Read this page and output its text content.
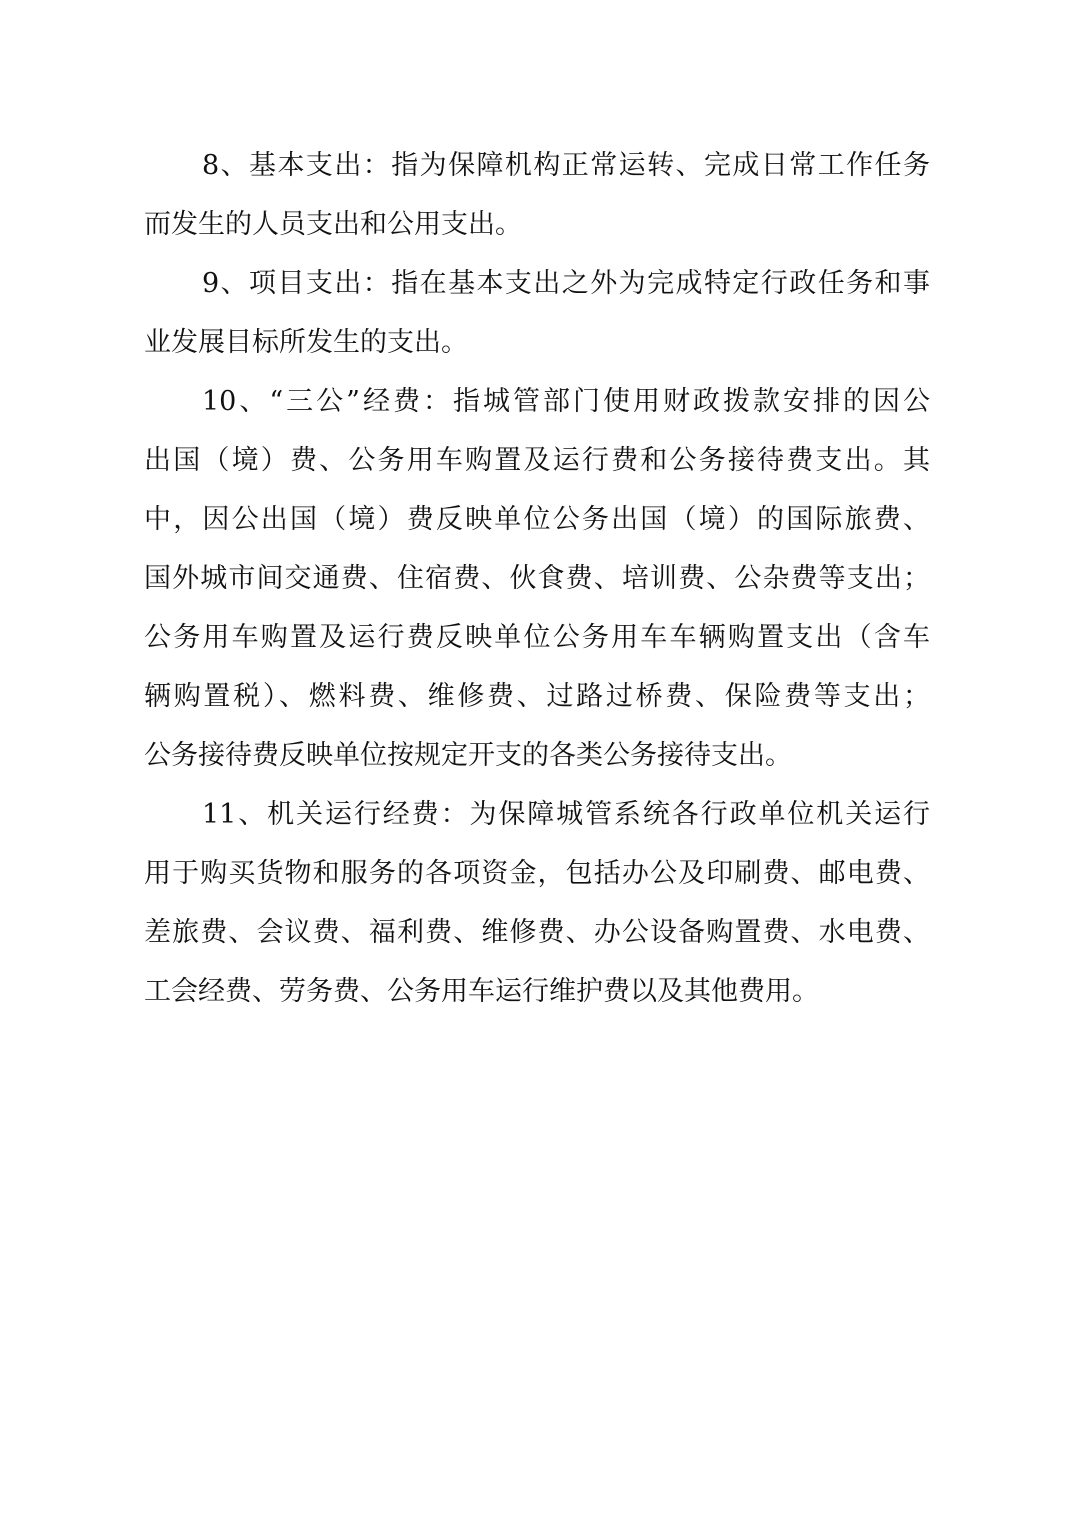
8、基本支出：指为保障机构正常运转、完成日常工作任务
而发生的人员支出和公用支出。
9、项目支出：指在基本支出之外为完成特定行政任务和事
业发展目标所发生的支出。
10、“三公”经费：指城管部门使用财政拨款安排的因公
出国（境）费、公务用车购置及运行费和公务接待费支出。其
中，因公出国（境）费反映单位公务出国（境）的国际旅费、
国外城市间交通费、住宿费、伙食费、培训费、公杂费等支出；
公务用车购置及运行费反映单位公务用车车辆购置支出（含车
辆购置税）、燃料费、维修费、过路过桥费、保险费等支出；
公务接待费反映单位按规定开支的各类公务接待支出。
11、机关运行经费：为保障城管系统各行政单位机关运行
用于购买货物和服务的各项资金，包括办公及印刷费、邮电费、
差旅费、会议费、福利费、维修费、办公设备购置费、水电费、
工会经费、劳务费、公务用车运行维护费以及其他费用。
